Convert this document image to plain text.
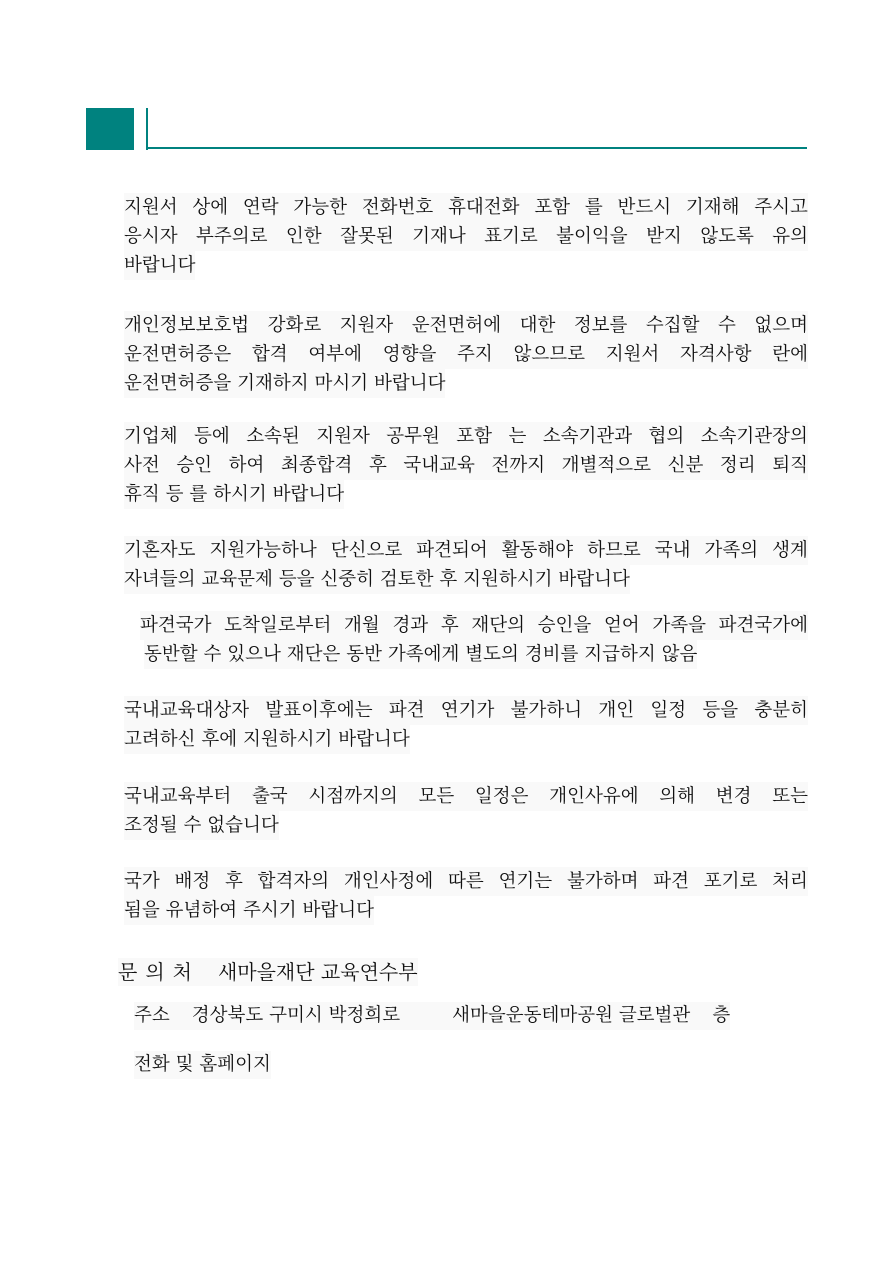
지원서 상에 연락 가능한 전화번호 휴대전화 포함 를 반드시 기재해 주시고
응시자 부주의로 인한 잘못된 기재나 표기로 불이익을 받지 않도록 유의
바랍니다
개인정보보호법 강화로 지원자 운전면허에 대한 정보를 수집할 수 없으며
운전면허증은 합격 여부에 영향을 주지 않으므로 지원서 자격사항 란에
운전면허증을 기재하지 마시기 바랍니다
기업체 등에 소속된 지원자 공무원 포함 는 소속기관과 협의 소속기관장의
사전 승인 하여 최종합격 후 국내교육 전까지 개별적으로 신분 정리 퇴직
휴직 등 를 하시기 바랍니다
기혼자도 지원가능하나 단신으로 파견되어 활동해야 하므로 국내 가족의 생계
자녀들의 교육문제 등을 신중히 검토한 후 지원하시기 바랍니다
파견국가 도착일로부터 개월 경과 후 재단의 승인을 얻어 가족을 파견국가에
동반할 수 있으나 재단은 동반 가족에게 별도의 경비를 지급하지 않음
국내교육대상자 발표이후에는 파견 연기가 불가하니 개인 일정 등을 충분히
고려하신 후에 지원하시기 바랍니다
국내교육부터 출국 시점까지의 모든 일정은 개인사유에 의해 변경 또는
조정될 수 없습니다
국가 배정 후 합격자의 개인사정에 따른 연기는 불가하며 파견 포기로 처리
됨을 유념하여 주시기 바랍니다
문의처 새마을재단 교육연수부
주소 경상북도 구미시 박정희로	새마을운동테마공원 글로벌관 층
전화 및 홈페이지
